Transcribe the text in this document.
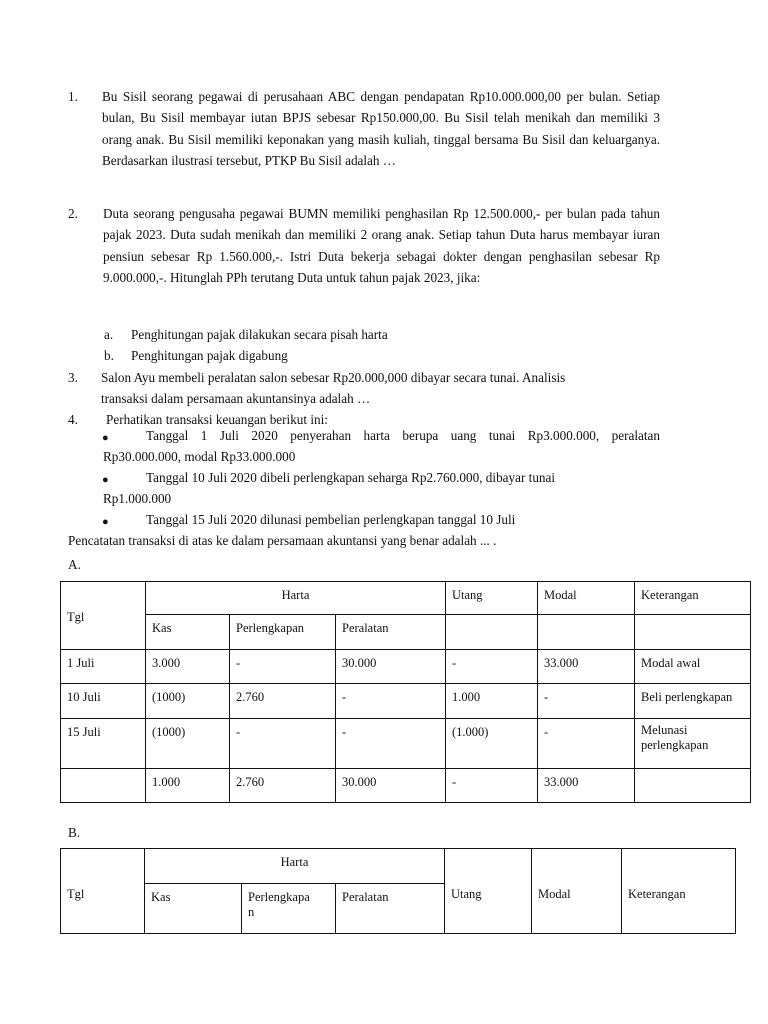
1. Bu Sisil seorang pegawai di perusahaan ABC dengan pendapatan Rp10.000.000,00 per bulan. Setiap bulan, Bu Sisil membayar iutan BPJS sebesar Rp150.000,00. Bu Sisil telah menikah dan memiliki 3 orang anak. Bu Sisil memiliki keponakan yang masih kuliah, tinggal bersama Bu Sisil dan keluarganya. Berdasarkan ilustrasi tersebut, PTKP Bu Sisil adalah …
2. Duta seorang pengusaha pegawai BUMN memiliki penghasilan Rp 12.500.000,- per bulan pada tahun pajak 2023. Duta sudah menikah dan memiliki 2 orang anak. Setiap tahun Duta harus membayar iuran pensiun sebesar Rp 1.560.000,-. Istri Duta bekerja sebagai dokter dengan penghasilan sebesar Rp 9.000.000,-. Hitunglah PPh terutang Duta untuk tahun pajak 2023, jika:
a. Penghitungan pajak dilakukan secara pisah harta
b. Penghitungan pajak digabung
3. Salon Ayu membeli peralatan salon sebesar Rp20.000,000 dibayar secara tunai. Analisis
transaksi dalam persamaan akuntansinya adalah …
4. Perhatikan transaksi keuangan berikut ini:
●	Tanggal 1 Juli 2020 penyerahan harta berupa uang tunai Rp3.000.000, peralatan
Rp30.000.000, modal Rp33.000.000
●	Tanggal 10 Juli 2020 dibeli perlengkapan seharga Rp2.760.000, dibayar tunai
Rp1.000.000
●	Tanggal 15 Juli 2020 dilunasi pembelian perlengkapan tanggal 10 Juli
Pencatatan transaksi di atas ke dalam persamaan akuntansi yang benar adalah ... .
A.
Tgl	Harta			Utang	Modal	Keterangan
	Kas	Perlengkapan	Peralatan			
1 Juli	3.000	-	30.000	-	33.000	Modal awal
10 Juli	(1000)	2.760	-	1.000	-	Beli perlengkapan
15 Juli	(1000)	-	-	(1.000)	-	Melunasi perlengkapan
	1.000	2.760	30.000	-	33.000	
B.
Tgl	Harta			Utang	Modal	Keterangan
	Kas	Perlengkapa
n	Peralatan			
